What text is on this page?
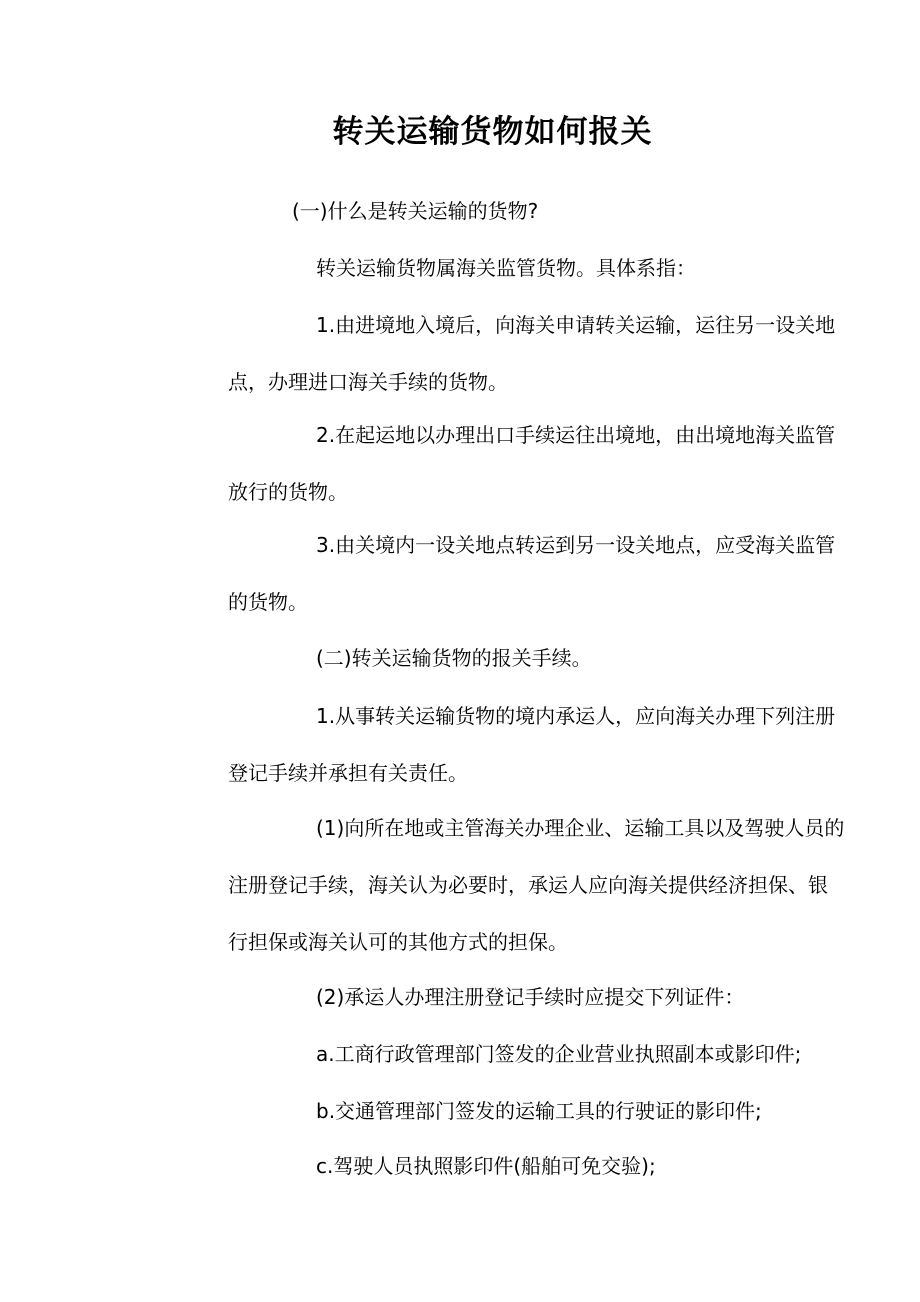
转关运输货物如何报关
(一)什么是转关运输的货物?
转关运输货物属海关监管货物。具体系指：
1.由进境地入境后，向海关申请转关运输，运往另一设关地
点，办理进口海关手续的货物。
2.在起运地以办理出口手续运往出境地，由出境地海关监管
放行的货物。
3.由关境内一设关地点转运到另一设关地点，应受海关监管
的货物。
(二)转关运输货物的报关手续。
1.从事转关运输货物的境内承运人，应向海关办理下列注册
登记手续并承担有关责任。
(1)向所在地或主管海关办理企业、运输工具以及驾驶人员的
注册登记手续，海关认为必要时，承运人应向海关提供经济担保、银
行担保或海关认可的其他方式的担保。
(2)承运人办理注册登记手续时应提交下列证件：
a.工商行政管理部门签发的企业营业执照副本或影印件;
b.交通管理部门签发的运输工具的行驶证的影印件;
c.驾驶人员执照影印件(船舶可免交验);
